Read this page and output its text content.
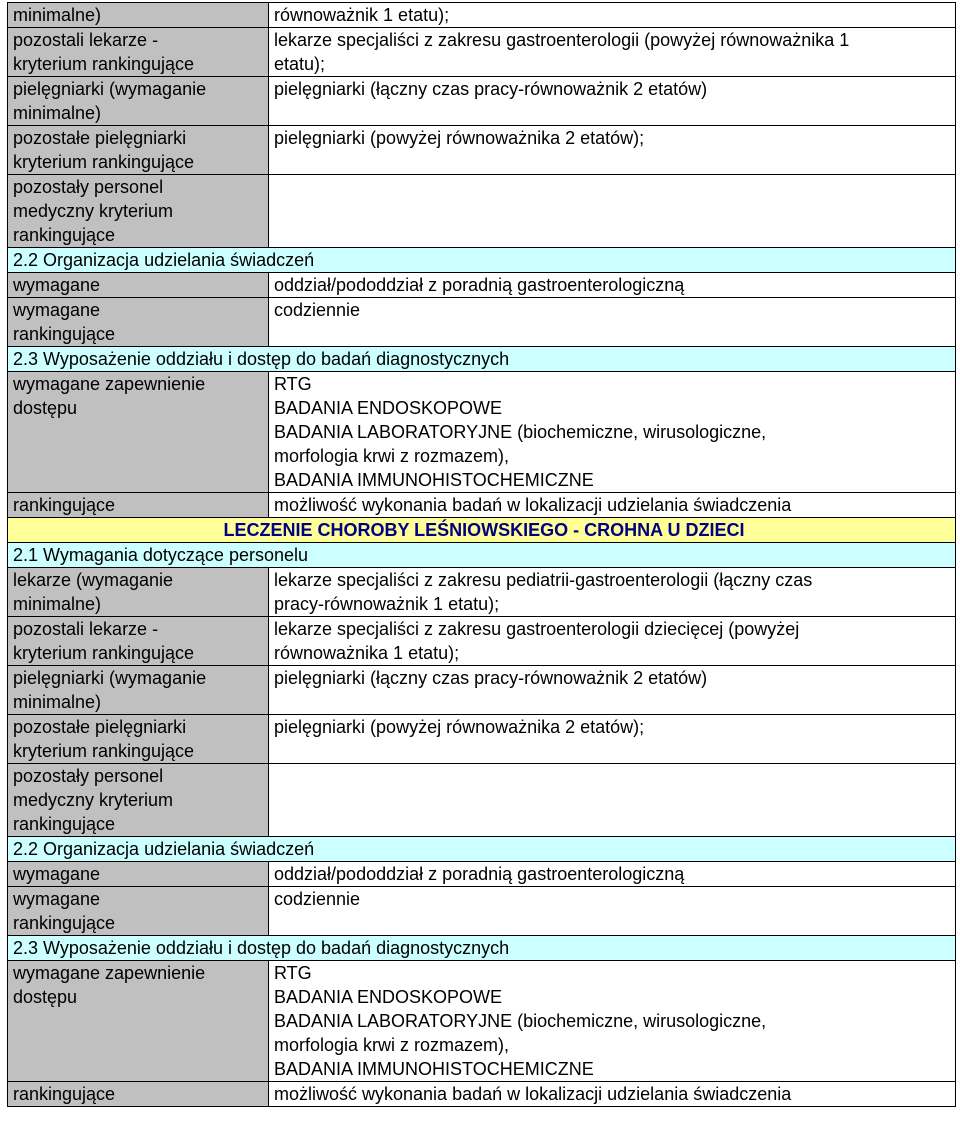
minimalne)	równoważnik 1 etatu);

pozostali lekarze -
kryterium rankingujące	lekarze specjaliści z zakresu gastroenterologii (powyżej równoważnika 1
etatu);

pielęgniarki (wymaganie
minimalne)	pielęgniarki (łączny czas pracy-równoważnik 2 etatów)

pozostałe pielęgniarki
kryterium rankingujące	pielęgniarki (powyżej równoważnika 2 etatów);

pozostały personel
medyczny kryterium
rankingujące	

2.2 Organizacja udzielania świadczeń	

wymagane	oddział/pododdział z poradnią gastroenterologiczną

wymagane
rankingujące	codziennie

2.3 Wyposażenie oddziału i dostęp do badań diagnostycznych	

wymagane zapewnienie
dostępu	RTG
BADANIA ENDOSKOPOWE
BADANIA LABORATORYJNE (biochemiczne, wirusologiczne,
morfologia krwi z rozmazem),
BADANIA IMMUNOHISTOCHEMICZNE

rankingujące	możliwość wykonania badań w lokalizacji udzielania świadczenia

LECZENIE CHOROBY LEŚNIOWSKIEGO - CROHNA U DZIECI	
2.1 Wymagania dotyczące personelu	

lekarze (wymaganie
minimalne)	lekarze specjaliści z zakresu pediatrii-gastroenterologii (łączny czas
pracy-równoważnik 1 etatu);

pozostali lekarze -
kryterium rankingujące	lekarze specjaliści z zakresu gastroenterologii dziecięcej (powyżej
równoważnika 1 etatu);

pielęgniarki (wymaganie
minimalne)	pielęgniarki (łączny czas pracy-równoważnik 2 etatów)

pozostałe pielęgniarki
kryterium rankingujące	pielęgniarki (powyżej równoważnika 2 etatów);

pozostały personel
medyczny kryterium
rankingujące	

2.2 Organizacja udzielania świadczeń	

wymagane	oddział/pododdział z poradnią gastroenterologiczną

wymagane
rankingujące	codziennie

2.3 Wyposażenie oddziału i dostęp do badań diagnostycznych	

wymagane zapewnienie
dostępu	RTG
BADANIA ENDOSKOPOWE
BADANIA LABORATORYJNE (biochemiczne, wirusologiczne,
morfologia krwi z rozmazem),
BADANIA IMMUNOHISTOCHEMICZNE

rankingujące	możliwość wykonania badań w lokalizacji udzielania świadczenia
